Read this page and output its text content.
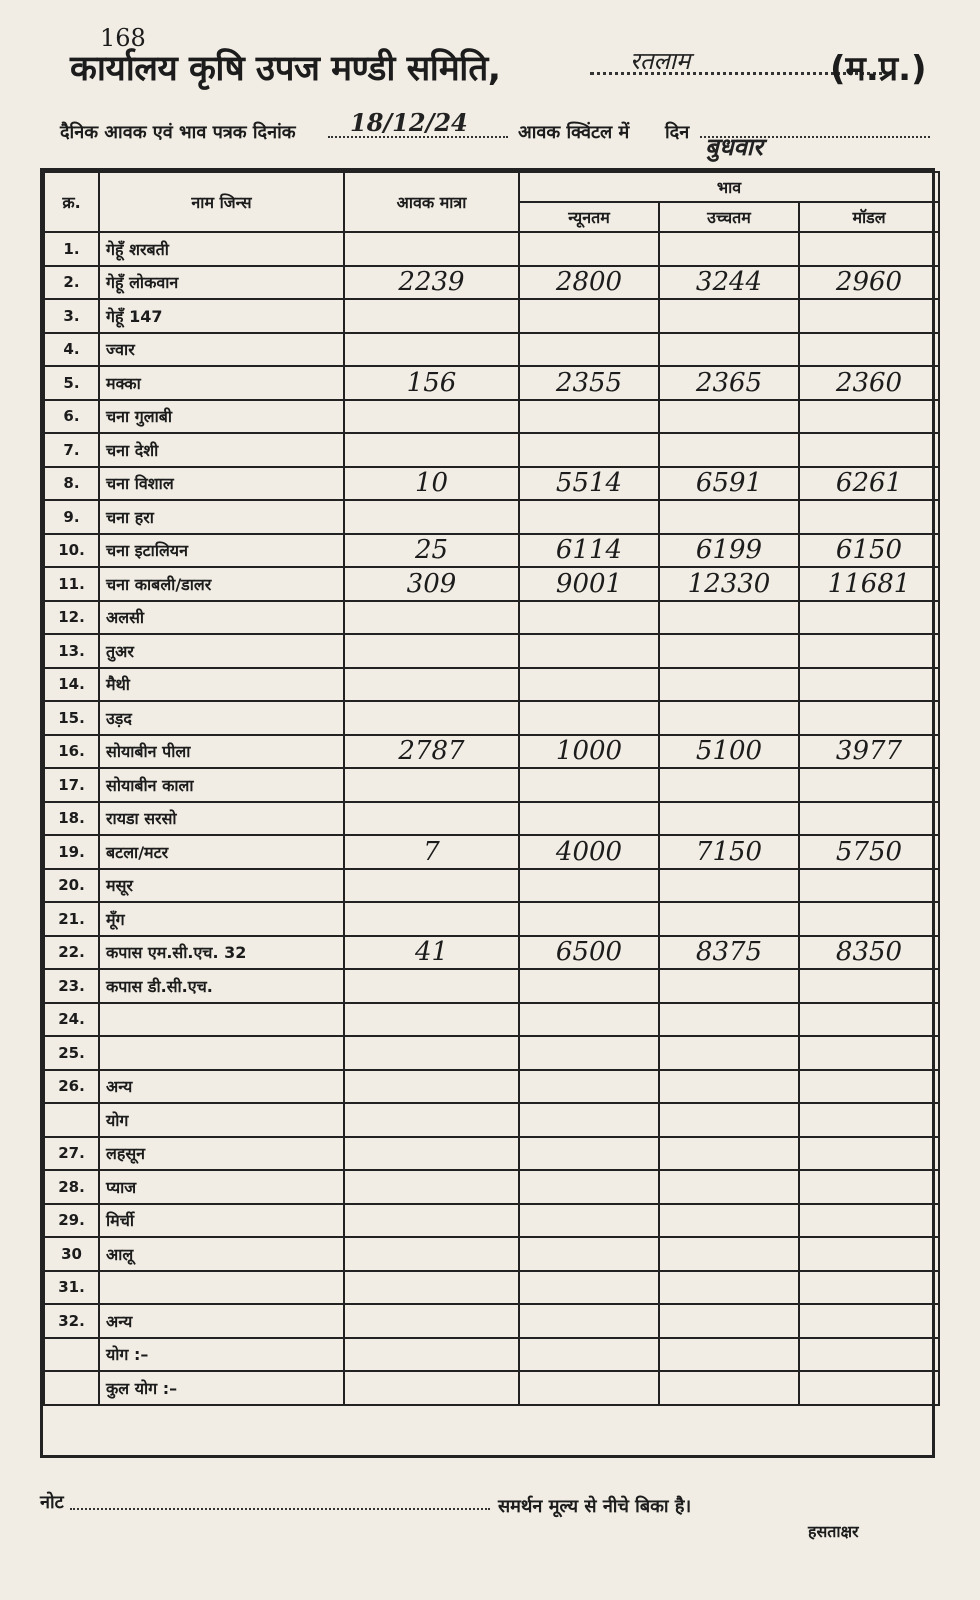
168
कार्यालय कृषि उपज मण्डी समिति,	रतलाम	(म.प्र.)
दैनिक आवक एवं भाव पत्रक दिनांक 18/12/24	आवक क्विंटल में दिन बुधवार
क्र.	नाम जिन्स	आवक मात्रा	भाव		
			न्यूनतम	उच्चतम	मॉडल
1.	गेहूँ शरबती				
2.	गेहूँ लोकवान	2239	2800	3244	2960
3.	गेहूँ 147				
4.	ज्वार				
5.	मक्का	156	2355	2365	2360
6.	चना गुलाबी				
7.	चना देशी				
8.	चना विशाल	10	5514	6591	6261
9.	चना हरा				
10.	चना इटालियन	25	6114	6199	6150
11.	चना काबली/डालर	309	9001	12330	11681
12.	अलसी				
13.	तुअर				
14.	मैथी				
15.	उड़द				
16.	सोयाबीन पीला	2787	1000	5100	3977
17.	सोयाबीन काला				
18.	रायडा सरसो				
19.	बटला/मटर	7	4000	7150	5750
20.	मसूर				
21.	मूँग				
22.	कपास एम.सी.एच. 32	41	6500	8375	8350
23.	कपास डी.सी.एच.				
24.					
25.					
26.	अन्य				
	योग				
27.	लहसून				
28.	प्याज				
29.	मिर्ची				
30	आलू				
31.					
32.	अन्य				
	योग :–				
	कुल योग :–				
नोट	समर्थन मूल्य से नीचे बिका है।
हसताक्षर
